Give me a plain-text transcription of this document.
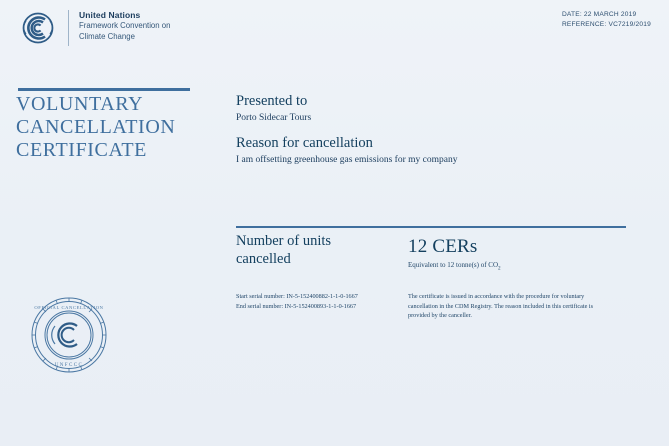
United Nations
Framework Convention on
Climate Change
DATE: 22 MARCH 2019
REFERENCE: VC7219/2019
VOLUNTARY
CANCELLATION
CERTIFICATE
Presented to
Porto Sidecar Tours
Reason for cancellation
I am offsetting greenhouse gas emissions for my company
Number of units
cancelled
12 CERs
Equivalent to 12 tonne(s) of $CO_2$
Start serial number: IN-5-152400882-1-1-0-1667
End serial number: IN-5-152400893-1-1-0-1667
The certificate is issued in accordance with the procedure for voluntary cancellation in the CDM Registry. The reason included in this certificate is provided by the canceller.
OFFICIAL CANCELLATION
UNFCCC
